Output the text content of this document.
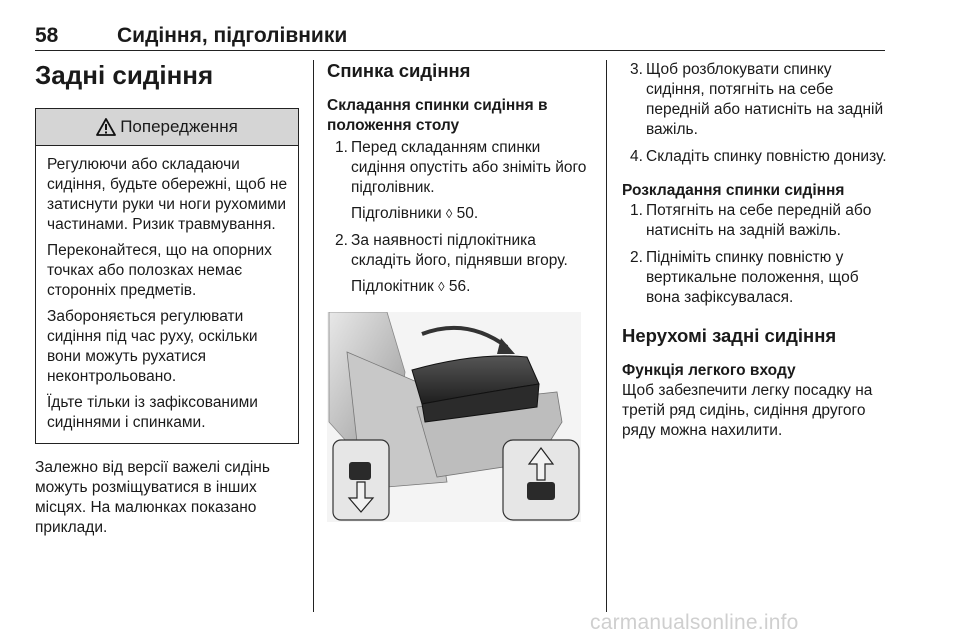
58	Сидіння, підголівники
Задні сидіння
Попередження

Регулюючи або складаючи сидіння, будьте обережні, щоб не затиснути руки чи ноги рухомими частинами. Ризик травмування.

Переконайтеся, що на опорних точках або полозках немає сторонніх предметів.

Забороняється регулювати сидіння під час руху, оскільки вони можуть рухатися неконтрольовано.

Їдьте тільки із зафіксованими сидіннями і спинками.

Залежно від версії важелі сидінь можуть розміщуватися в інших місцях. На малюнках показано приклади.

Спинка сидіння
Складання спинки сидіння в положення столу
1. Перед складанням спинки сидіння опустіть або зніміть його підголівник.

Підголівники ◊ 50.

2. За наявності підлокітника складіть його, піднявши вгору.

Підлокітник ◊ 56.

3. Щоб розблокувати спинку сидіння, потягніть на себе передній або натисніть на задній важіль.
4. Складіть спинку повністю донизу.
Розкладання спинки сидіння
1. Потягніть на себе передній або натисніть на задній важіль.
2. Підніміть спинку повністю у вертикальне положення, щоб вона зафіксувалася.
Нерухомі задні сидіння
Функція легкого входу

Щоб забезпечити легку посадку на третій ряд сидінь, сидіння другого ряду можна нахилити.

carmanualsonline.info
